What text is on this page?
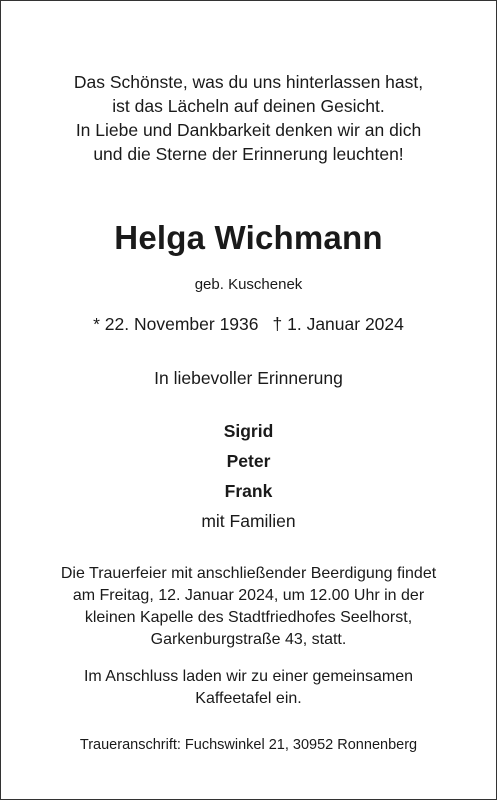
Das Schönste, was du uns hinterlassen hast,
ist das Lächeln auf deinen Gesicht.
In Liebe und Dankbarkeit denken wir an dich
und die Sterne der Erinnerung leuchten!
Helga Wichmann
geb. Kuschenek
* 22. November 1936 † 1. Januar 2024
In liebevoller Erinnerung
Sigrid
Peter
Frank
mit Familien
Die Trauerfeier mit anschließender Beerdigung findet
am Freitag, 12. Januar 2024, um 12.00 Uhr in der
kleinen Kapelle des Stadtfriedhofes Seelhorst,
Garkenburgstraße 43, statt.
Im Anschluss laden wir zu einer gemeinsamen
Kaffeetafel ein.
Traueranschrift: Fuchswinkel 21, 30952 Ronnenberg
